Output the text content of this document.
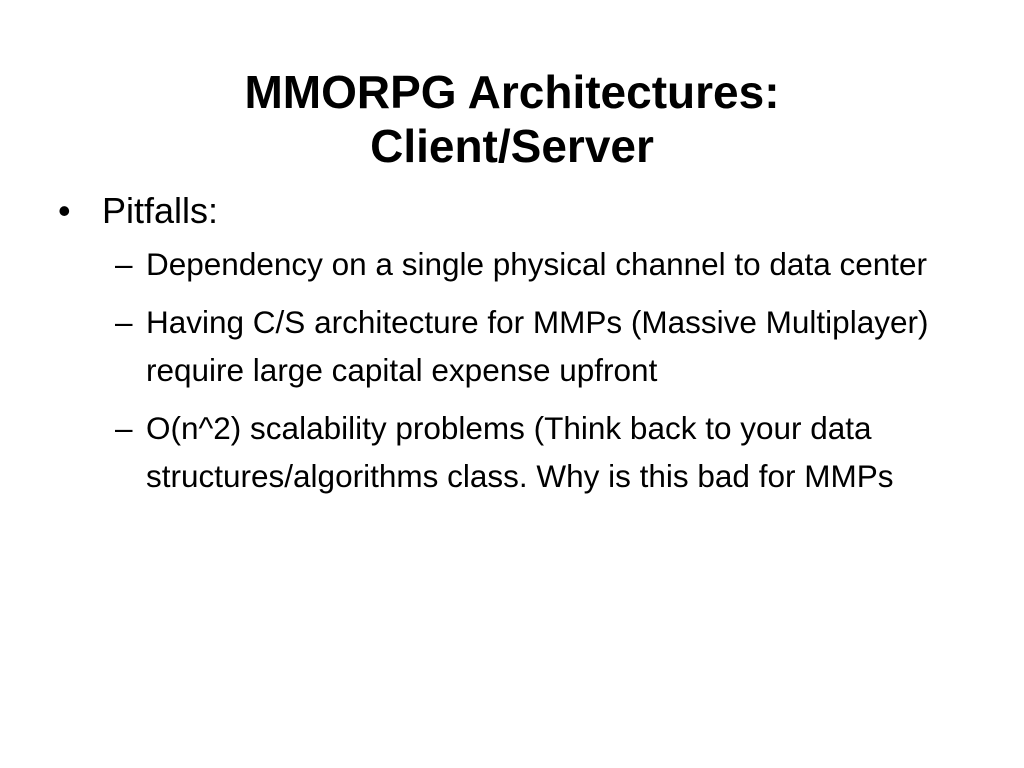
MMORPG Architectures:
Client/Server
• Pitfalls:
– Dependency on a single physical channel to data center
– Having C/S architecture for MMPs (Massive Multiplayer) require large capital expense upfront
– O(n^2) scalability problems (Think back to your data structures/algorithms class. Why is this bad for MMPs
